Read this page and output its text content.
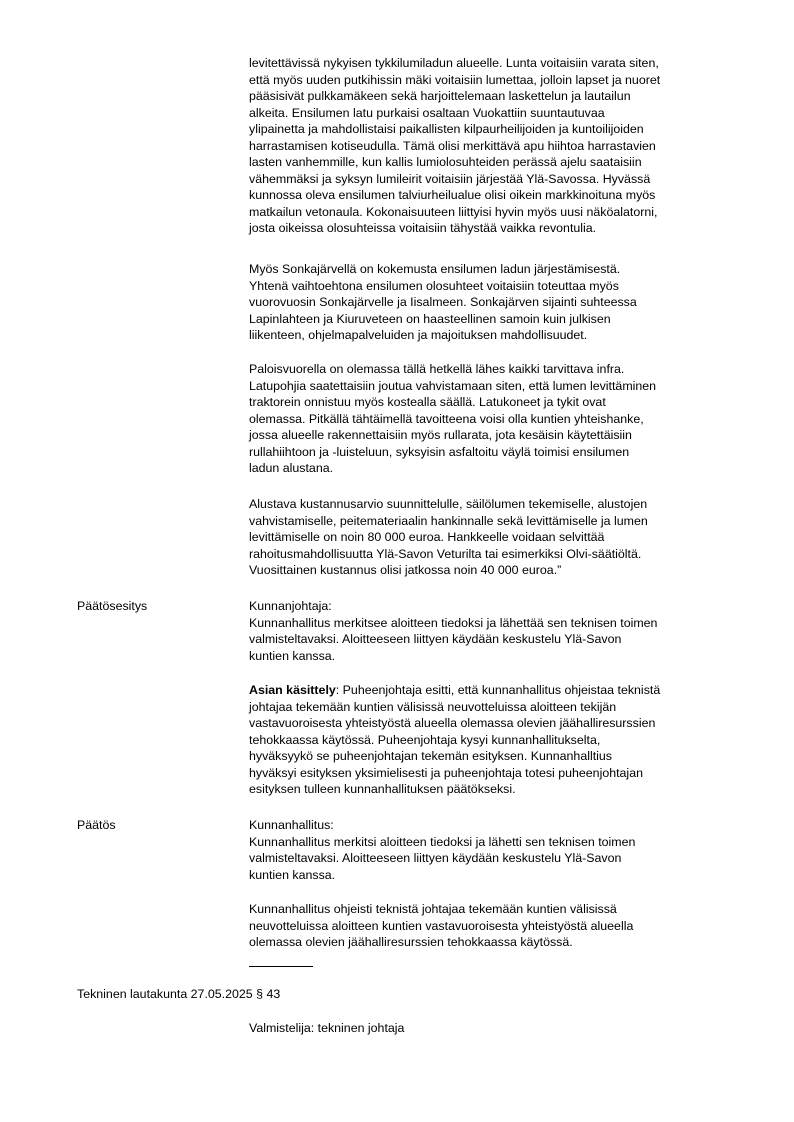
levitettävissä nykyisen tykkilumiladun alueelle. Lunta voitaisiin varata siten,
että myös uuden putkihissin mäki voitaisiin lumettaa, jolloin lapset ja nuoret
pääsisivät pulkkamäkeen sekä harjoittelemaan laskettelun ja lautailun
alkeita. Ensilumen latu purkaisi osaltaan Vuokattiin suuntautuvaa
ylipainetta ja mahdollistaisi paikallisten kilpaurheilijoiden ja kuntoilijoiden
harrastamisen kotiseudulla. Tämä olisi merkittävä apu hiihtoa harrastavien
lasten vanhemmille, kun kallis lumiolosuhteiden perässä ajelu saataisiin
vähemmäksi ja syksyn lumileirit voitaisiin järjestää Ylä-Savossa. Hyvässä
kunnossa oleva ensilumen talviurheilualue olisi oikein markkinoituna myös
matkailun vetonaula. Kokonaisuuteen liittyisi hyvin myös uusi näköalatorni,
josta oikeissa olosuhteissa voitaisiin tähystää vaikka revontulia.
Myös Sonkajärvellä on kokemusta ensilumen ladun järjestämisestä.
Yhtenä vaihtoehtona ensilumen olosuhteet voitaisiin toteuttaa myös
vuorovuosin Sonkajärvelle ja Iisalmeen. Sonkajärven sijainti suhteessa
Lapinlahteen ja Kiuruveteen on haasteellinen samoin kuin julkisen
liikenteen, ohjelmapalveluiden ja majoituksen mahdollisuudet.
Paloisvuorella on olemassa tällä hetkellä lähes kaikki tarvittava infra.
Latupohjia saatettaisiin joutua vahvistamaan siten, että lumen levittäminen
traktorein onnistuu myös kostealla säällä. Latukoneet ja tykit ovat
olemassa. Pitkällä tähtäimellä tavoitteena voisi olla kuntien yhteishanke,
jossa alueelle rakennettaisiin myös rullarata, jota kesäisin käytettäisiin
rullahiihtoon ja -luisteluun, syksyisin asfaltoitu väylä toimisi ensilumen
ladun alustana.
Alustava kustannusarvio suunnittelulle, säilölumen tekemiselle, alustojen
vahvistamiselle, peitemateriaalin hankinnalle sekä levittämiselle ja lumen
levittämiselle on noin 80 000 euroa. Hankkeelle voidaan selvittää
rahoitusmahdollisuutta Ylä-Savon Veturilta tai esimerkiksi Olvi-säätiöltä.
Vuosittainen kustannus olisi jatkossa noin 40 000 euroa.”
Päätösesitys	Kunnanjohtaja:
Kunnanhallitus merkitsee aloitteen tiedoksi ja lähettää sen teknisen toimen
valmisteltavaksi. Aloitteeseen liittyen käydään keskustelu Ylä-Savon
kuntien kanssa.
Asian käsittely: Puheenjohtaja esitti, että kunnanhallitus ohjeistaa teknistä
johtajaa tekemään kuntien välisissä neuvotteluissa aloitteen tekijän
vastavuoroisesta yhteistyöstä alueella olemassa olevien jäähalliresurssien
tehokkaassa käytössä. Puheenjohtaja kysyi kunnanhallitukselta,
hyväksyykö se puheenjohtajan tekemän esityksen. Kunnanhalltius
hyväksyi esityksen yksimielisesti ja puheenjohtaja totesi puheenjohtajan
esityksen tulleen kunnanhallituksen päätökseksi.
Päätös	Kunnanhallitus:
Kunnanhallitus merkitsi aloitteen tiedoksi ja lähetti sen teknisen toimen
valmisteltavaksi. Aloitteeseen liittyen käydään keskustelu Ylä-Savon
kuntien kanssa.
Kunnanhallitus ohjeisti teknistä johtajaa tekemään kuntien välisissä
neuvotteluissa aloitteen kuntien vastavuoroisesta yhteistyöstä alueella
olemassa olevien jäähalliresurssien tehokkaassa käytössä.
Tekninen lautakunta 27.05.2025 § 43
Valmistelija: tekninen johtaja
